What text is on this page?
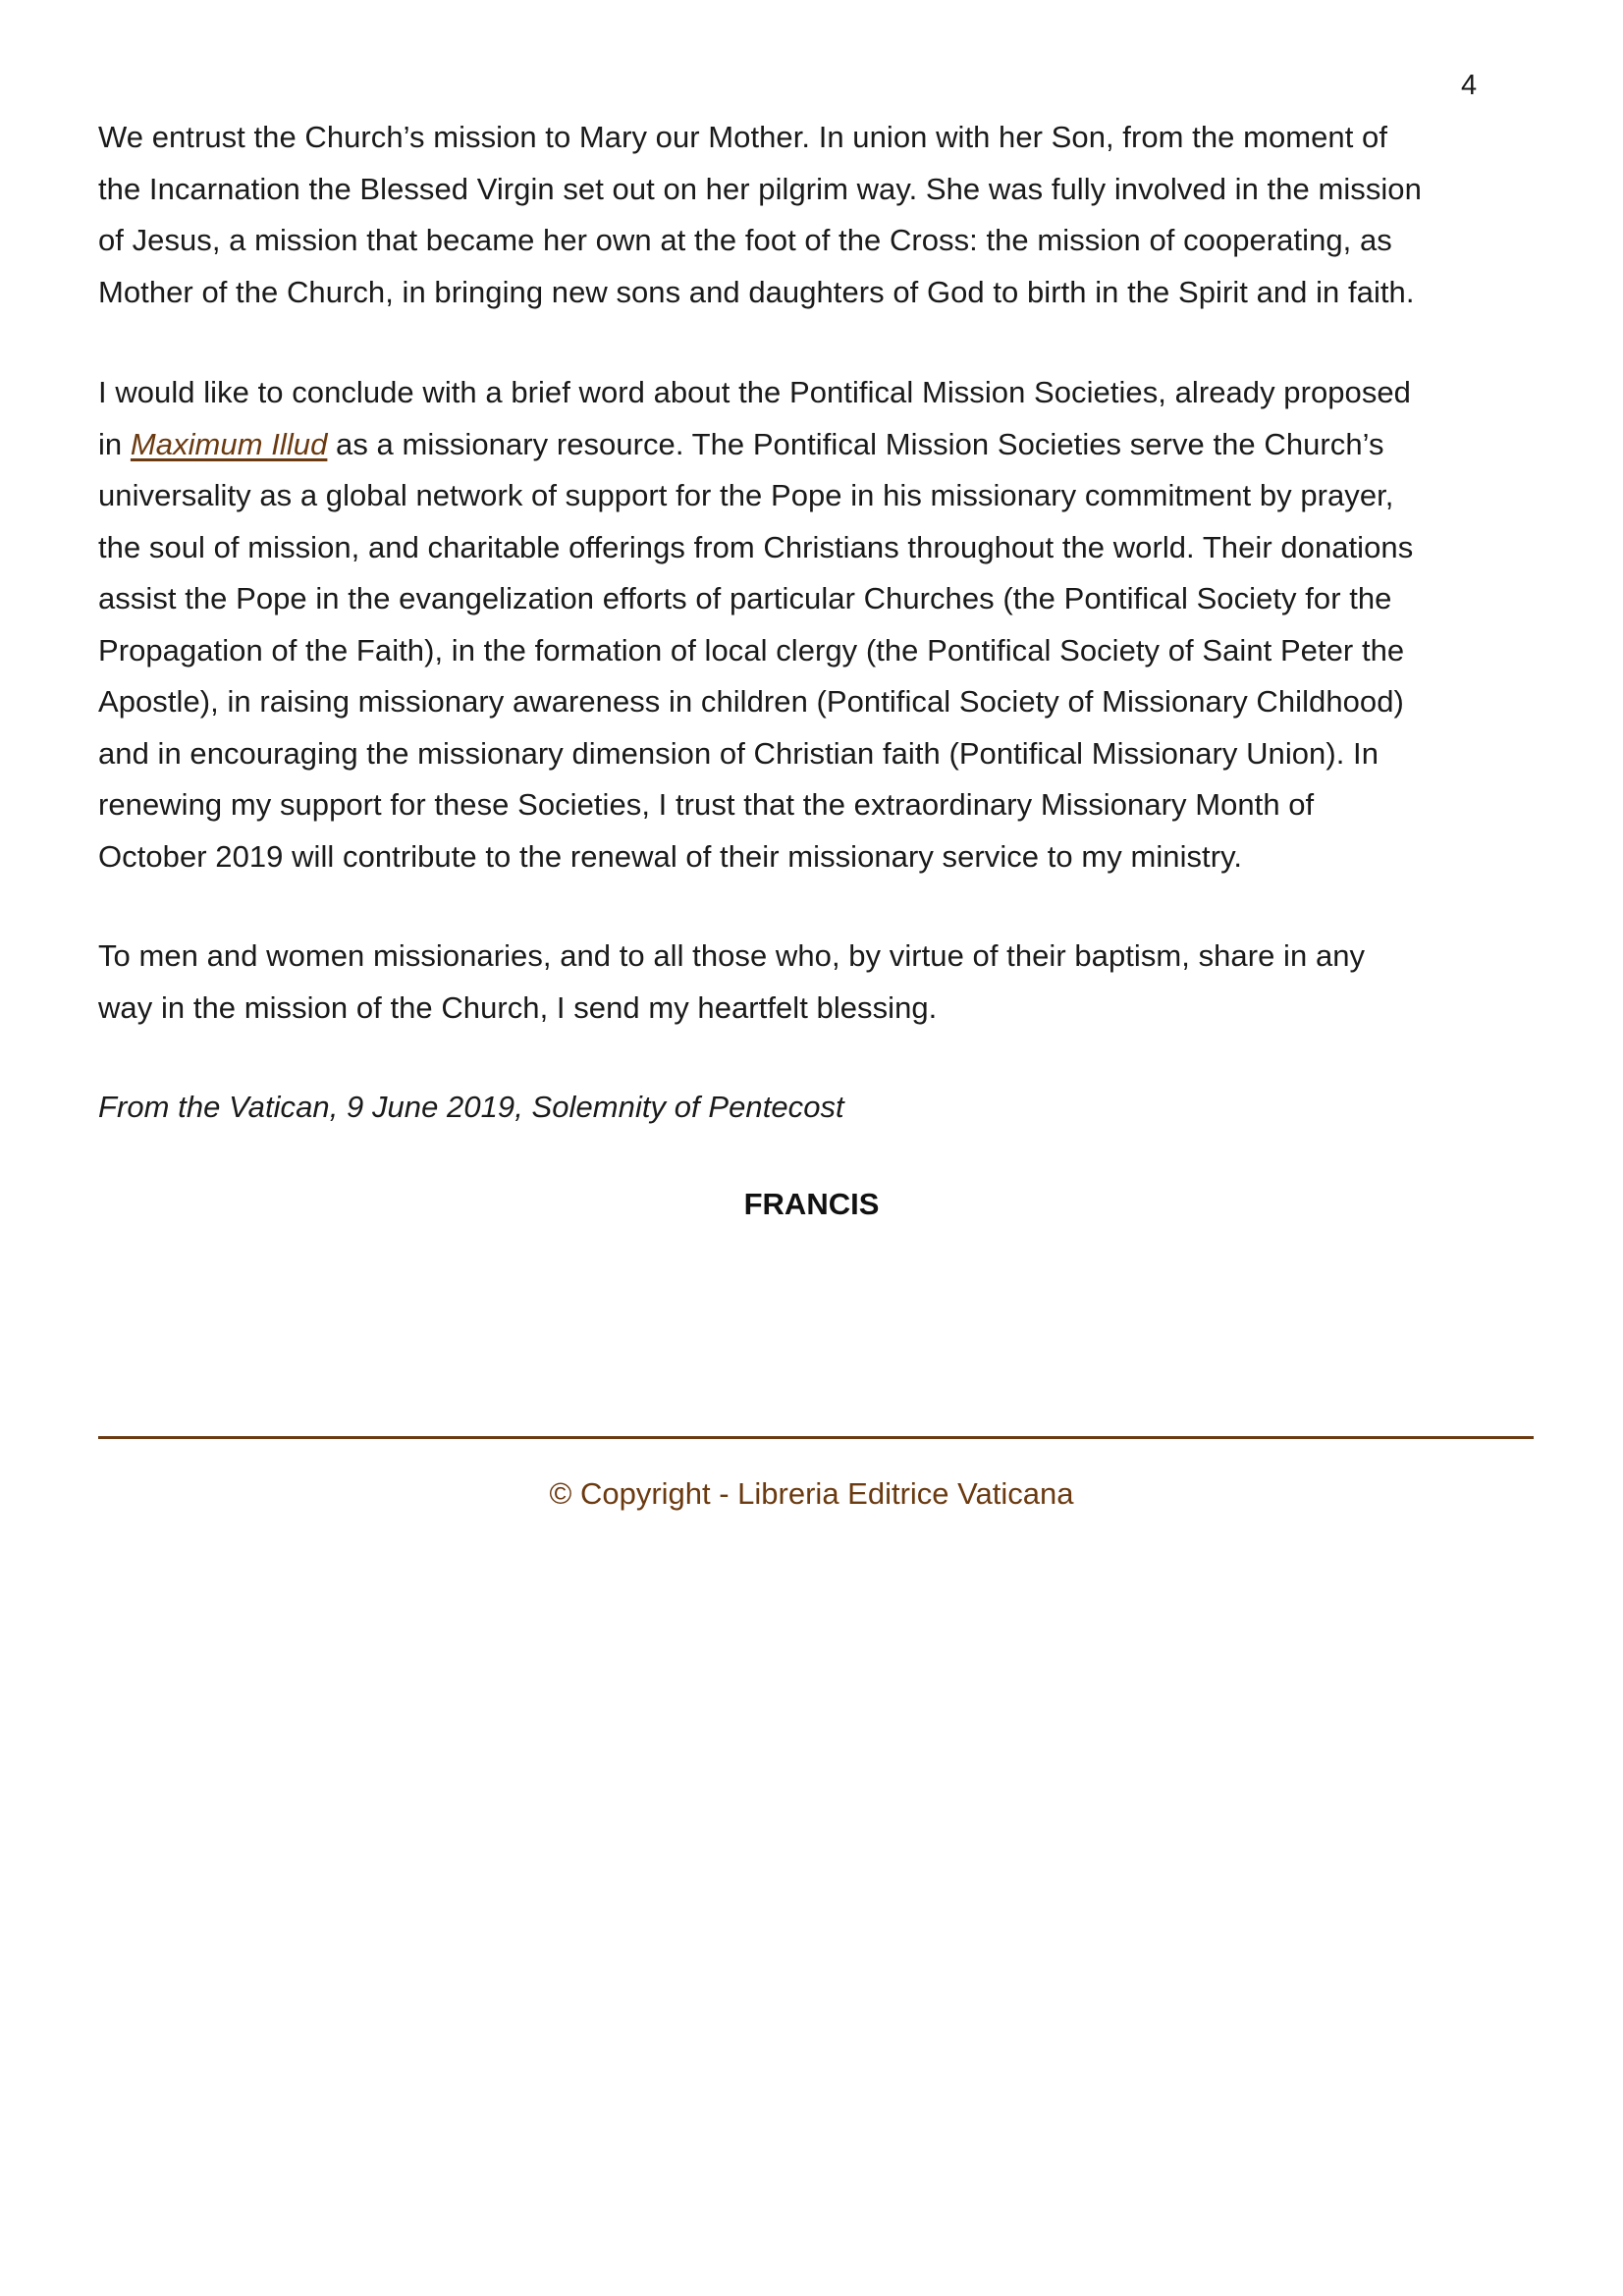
4

We entrust the Church’s mission to Mary our Mother. In union with her Son, from the moment of
the Incarnation the Blessed Virgin set out on her pilgrim way. She was fully involved in the mission
of Jesus, a mission that became her own at the foot of the Cross: the mission of cooperating, as
Mother of the Church, in bringing new sons and daughters of God to birth in the Spirit and in faith.

I would like to conclude with a brief word about the Pontifical Mission Societies, already proposed
in Maximum Illud as a missionary resource. The Pontifical Mission Societies serve the Church’s
universality as a global network of support for the Pope in his missionary commitment by prayer,
the soul of mission, and charitable offerings from Christians throughout the world. Their donations
assist the Pope in the evangelization efforts of particular Churches (the Pontifical Society for the
Propagation of the Faith), in the formation of local clergy (the Pontifical Society of Saint Peter the
Apostle), in raising missionary awareness in children (Pontifical Society of Missionary Childhood)
and in encouraging the missionary dimension of Christian faith (Pontifical Missionary Union). In
renewing my support for these Societies, I trust that the extraordinary Missionary Month of
October 2019 will contribute to the renewal of their missionary service to my ministry.

To men and women missionaries, and to all those who, by virtue of their baptism, share in any
way in the mission of the Church, I send my heartfelt blessing.

From the Vatican, 9 June 2019, Solemnity of Pentecost

FRANCIS
© Copyright - Libreria Editrice Vaticana
